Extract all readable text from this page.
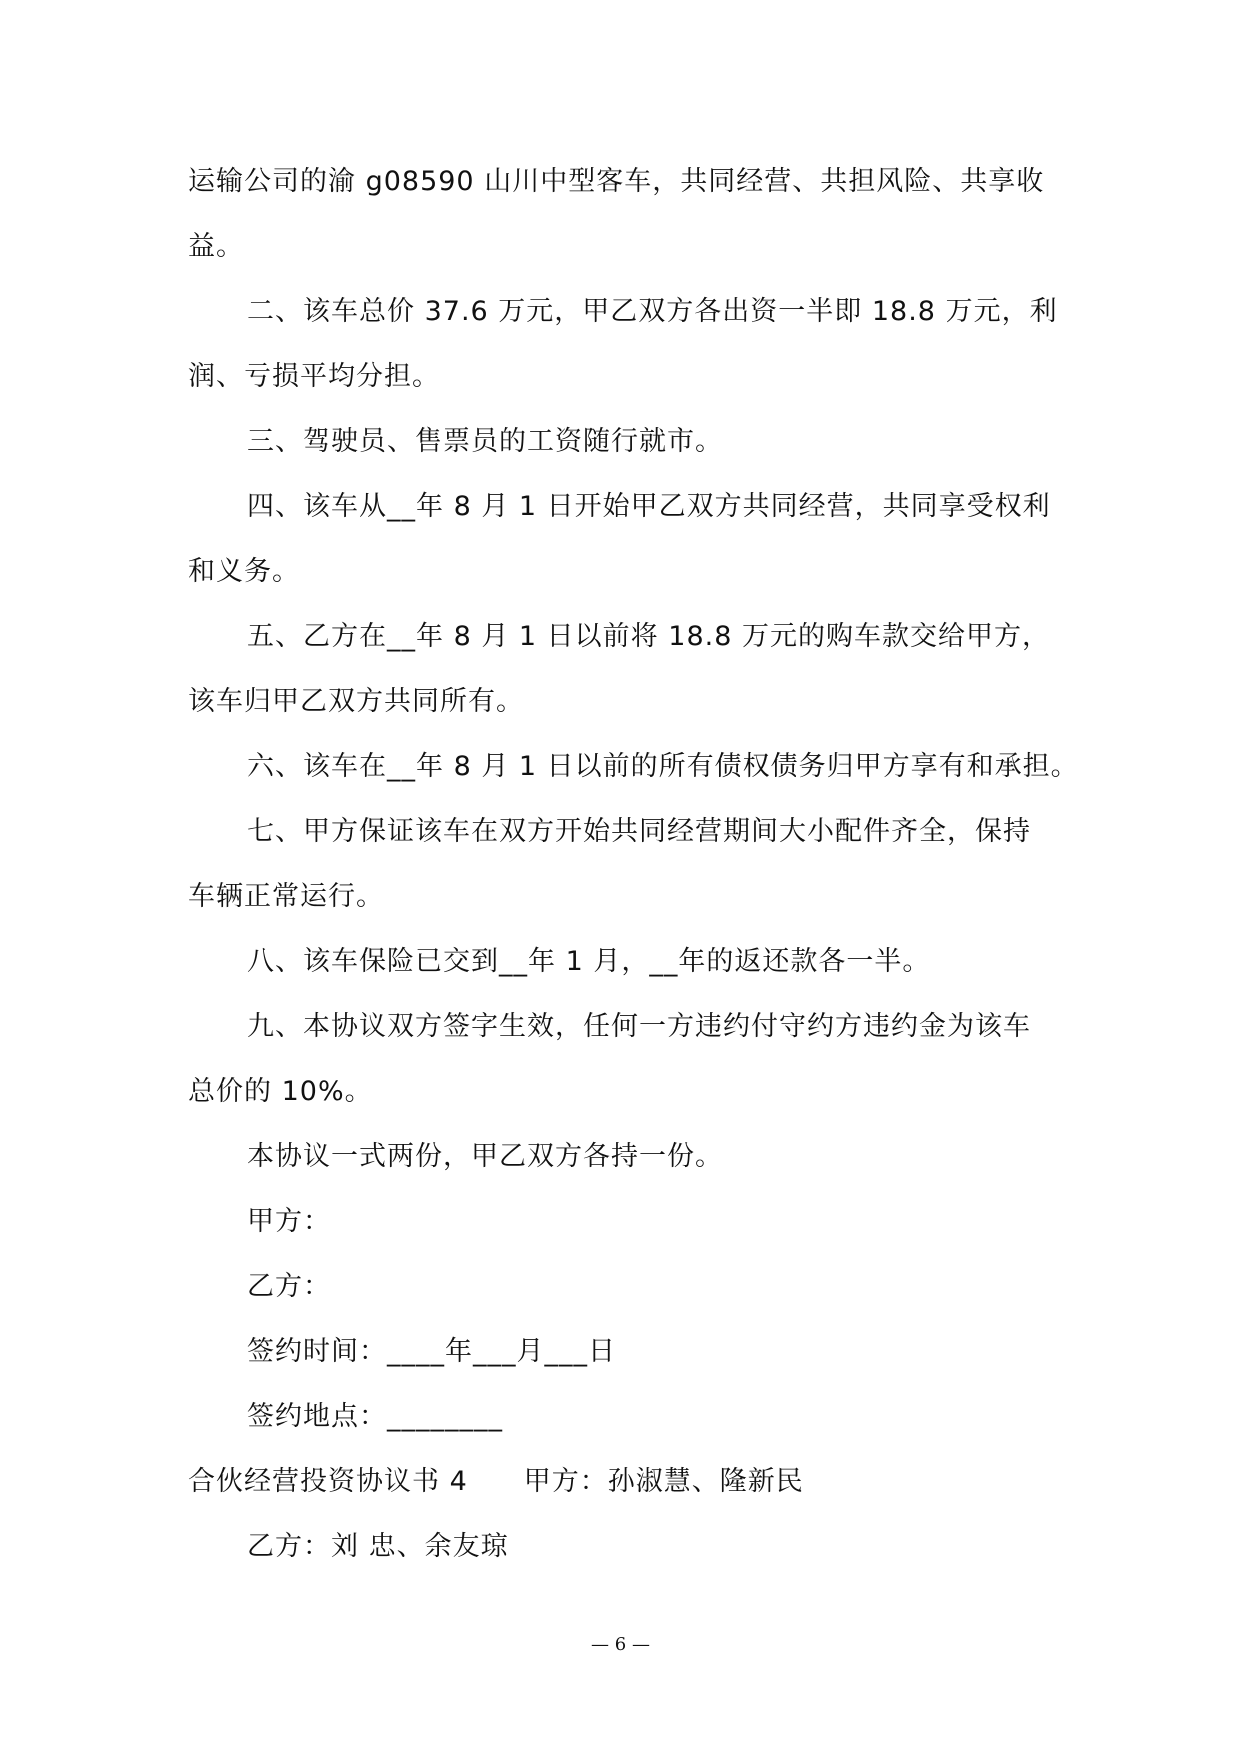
运输公司的渝 g08590 山川中型客车，共同经营、共担风险、共享收
益。
二、该车总价 37.6 万元，甲乙双方各出资一半即 18.8 万元，利
润、亏损平均分担。
三、驾驶员、售票员的工资随行就市。
四、该车从__年 8 月 1 日开始甲乙双方共同经营，共同享受权利
和义务。
五、乙方在__年 8 月 1 日以前将 18.8 万元的购车款交给甲方，
该车归甲乙双方共同所有。
六、该车在__年 8 月 1 日以前的所有债权债务归甲方享有和承担。
七、甲方保证该车在双方开始共同经营期间大小配件齐全，保持
车辆正常运行。
八、该车保险已交到__年 1 月，__年的返还款各一半。
九、本协议双方签字生效，任何一方违约付守约方违约金为该车
总价的 10%。
本协议一式两份，甲乙双方各持一份。
甲方：
乙方：
签约时间：____年___月___日
签约地点：________
合伙经营投资协议书 4　　甲方：孙淑慧、隆新民
乙方：刘 忠、余友琼
— 6 —
